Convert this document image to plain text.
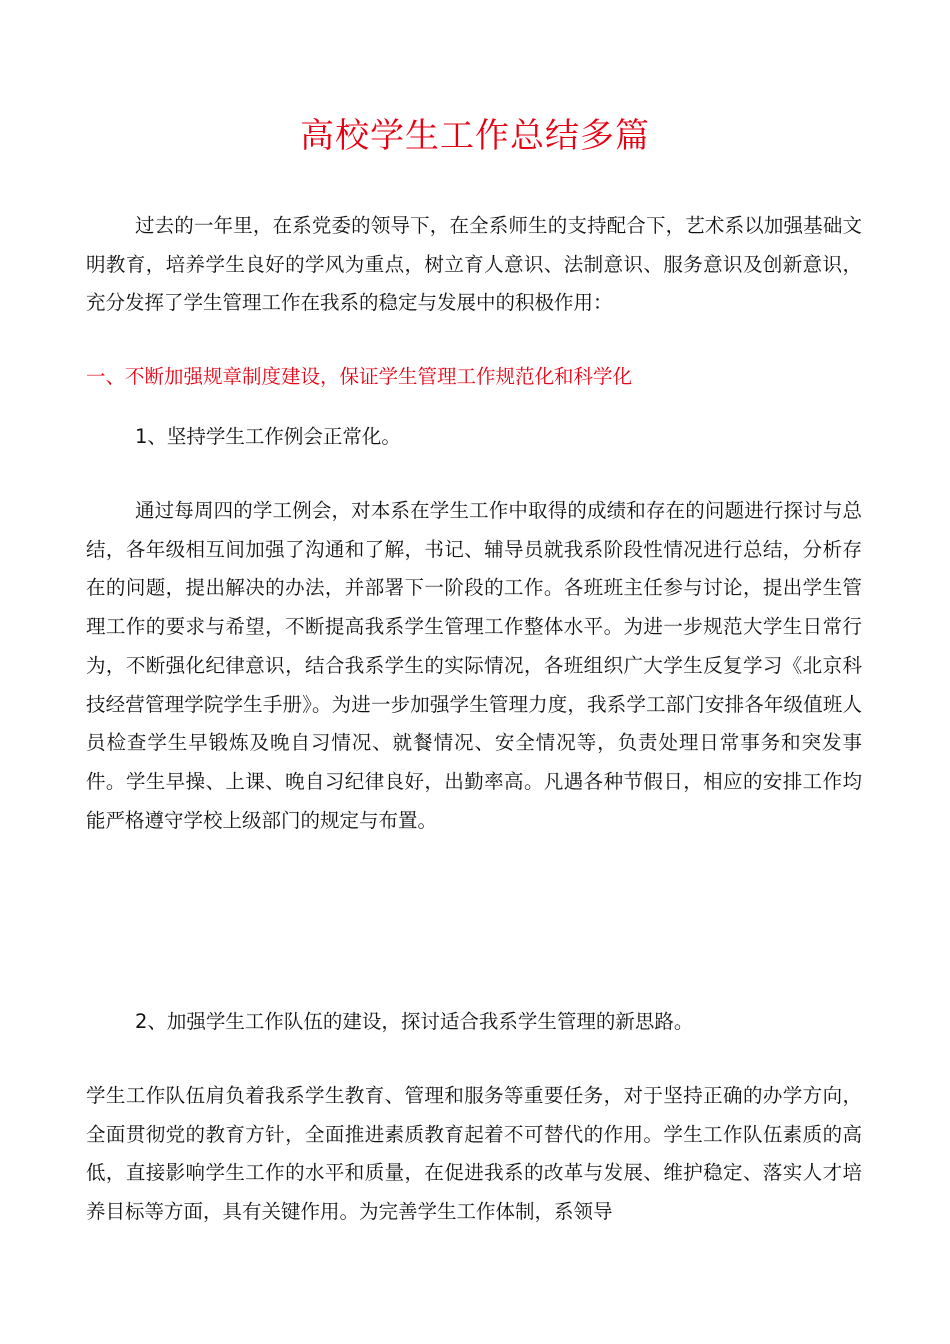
高校学生工作总结多篇

过去的一年里，在系党委的领导下，在全系师生的支持配合下，艺术系以加强基础文明教育，培养学生良好的学风为重点，树立育人意识、法制意识、服务意识及创新意识，充分发挥了学生管理工作在我系的稳定与发展中的积极作用：

一、不断加强规章制度建设，保证学生管理工作规范化和科学化

1、坚持学生工作例会正常化。

通过每周四的学工例会，对本系在学生工作中取得的成绩和存在的问题进行探讨与总结，各年级相互间加强了沟通和了解，书记、辅导员就我系阶段性情况进行总结，分析存在的问题，提出解决的办法，并部署下一阶段的工作。各班班主任参与讨论，提出学生管理工作的要求与希望，不断提高我系学生管理工作整体水平。为进一步规范大学生日常行为，不断强化纪律意识，结合我系学生的实际情况，各班组织广大学生反复学习《北京科技经营管理学院学生手册》。为进一步加强学生管理力度，我系学工部门安排各年级值班人员检查学生早锻炼及晚自习情况、就餐情况、安全情况等，负责处理日常事务和突发事件。学生早操、上课、晚自习纪律良好，出勤率高。凡遇各种节假日，相应的安排工作均能严格遵守学校上级部门的规定与布置。

2、加强学生工作队伍的建设，探讨适合我系学生管理的新思路。

学生工作队伍肩负着我系学生教育、管理和服务等重要任务，对于坚持正确的办学方向，全面贯彻党的教育方针，全面推进素质教育起着不可替代的作用。学生工作队伍素质的高低，直接影响学生工作的水平和质量，在促进我系的改革与发展、维护稳定、落实人才培养目标等方面，具有关键作用。为完善学生工作体制，系领导
